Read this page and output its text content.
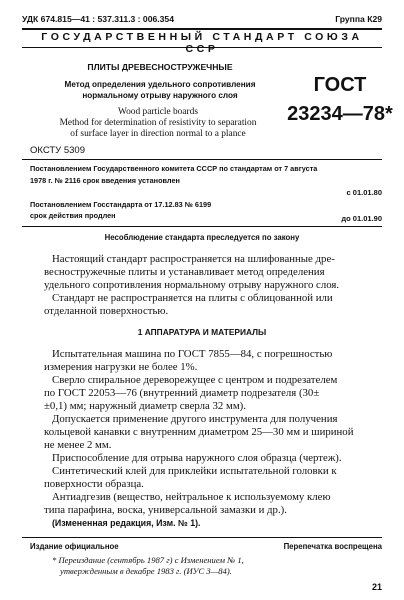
УДК 674.815—41 : 537.311.3 : 006.354	Группа К29
ГОСУДАРСТВЕННЫЙ СТАНДАРТ СОЮЗА ССР
ПЛИТЫ ДРЕВЕСНОСТРУЖЕЧНЫЕ
Метод определения удельного сопротивления
нормальному отрыву наружного слоя
Wood particle boards
Method for determination of resistivity to separation
of surface layer in direction normal to a plance
ГОСТ
23234—78*
ОКСТУ 5309
Постановлением Государственного комитета СССР по стандартам от 7 августа
1978 г. № 2116 срок введения установлен
с 01.01.80
Постановлением Госстандарта от 17.12.83 № 6199
срок действия продлен	до 01.01.90
Несоблюдение стандарта преследуется по закону
Настоящий стандарт распространяется на шлифованные дре-
весностружечные плиты и устанавливает метод определения
удельного сопротивления нормальному отрыву наружного слоя.
Стандарт не распространяется на плиты с облицованной или
отделанной поверхностью.
1 АППАРАТУРА И МАТЕРИАЛЫ
Испытательная машина по ГОСТ 7855—84, с погрешностью
измерения нагрузки не более 1%.
Сверло спиральное дереворежущее с центром и подрезателем
по ГОСТ 22053—76 (внутренний диаметр подрезателя (30±
±0,1) мм; наружный диаметр сверла 32 мм).
Допускается применение другого инструмента для получения
кольцевой канавки с внутренним диаметром 25—30 мм и шириной
не менее 2 мм.
Приспособление для отрыва наружного слоя образца (чертеж).
Синтетический клей для приклейки испытательной головки к
поверхности образца.
Антиадгезив (вещество, нейтральное к используемому клею
типа парафина, воска, универсальной замазки и др.).
(Измененная редакция, Изм. № 1).
Издание официальное	Перепечатка воспрещена
* Переиздание (сентябрь 1987 г) с Изменением № 1,
утвержденным в декабре 1983 г. (ИУС 3—84).
21
